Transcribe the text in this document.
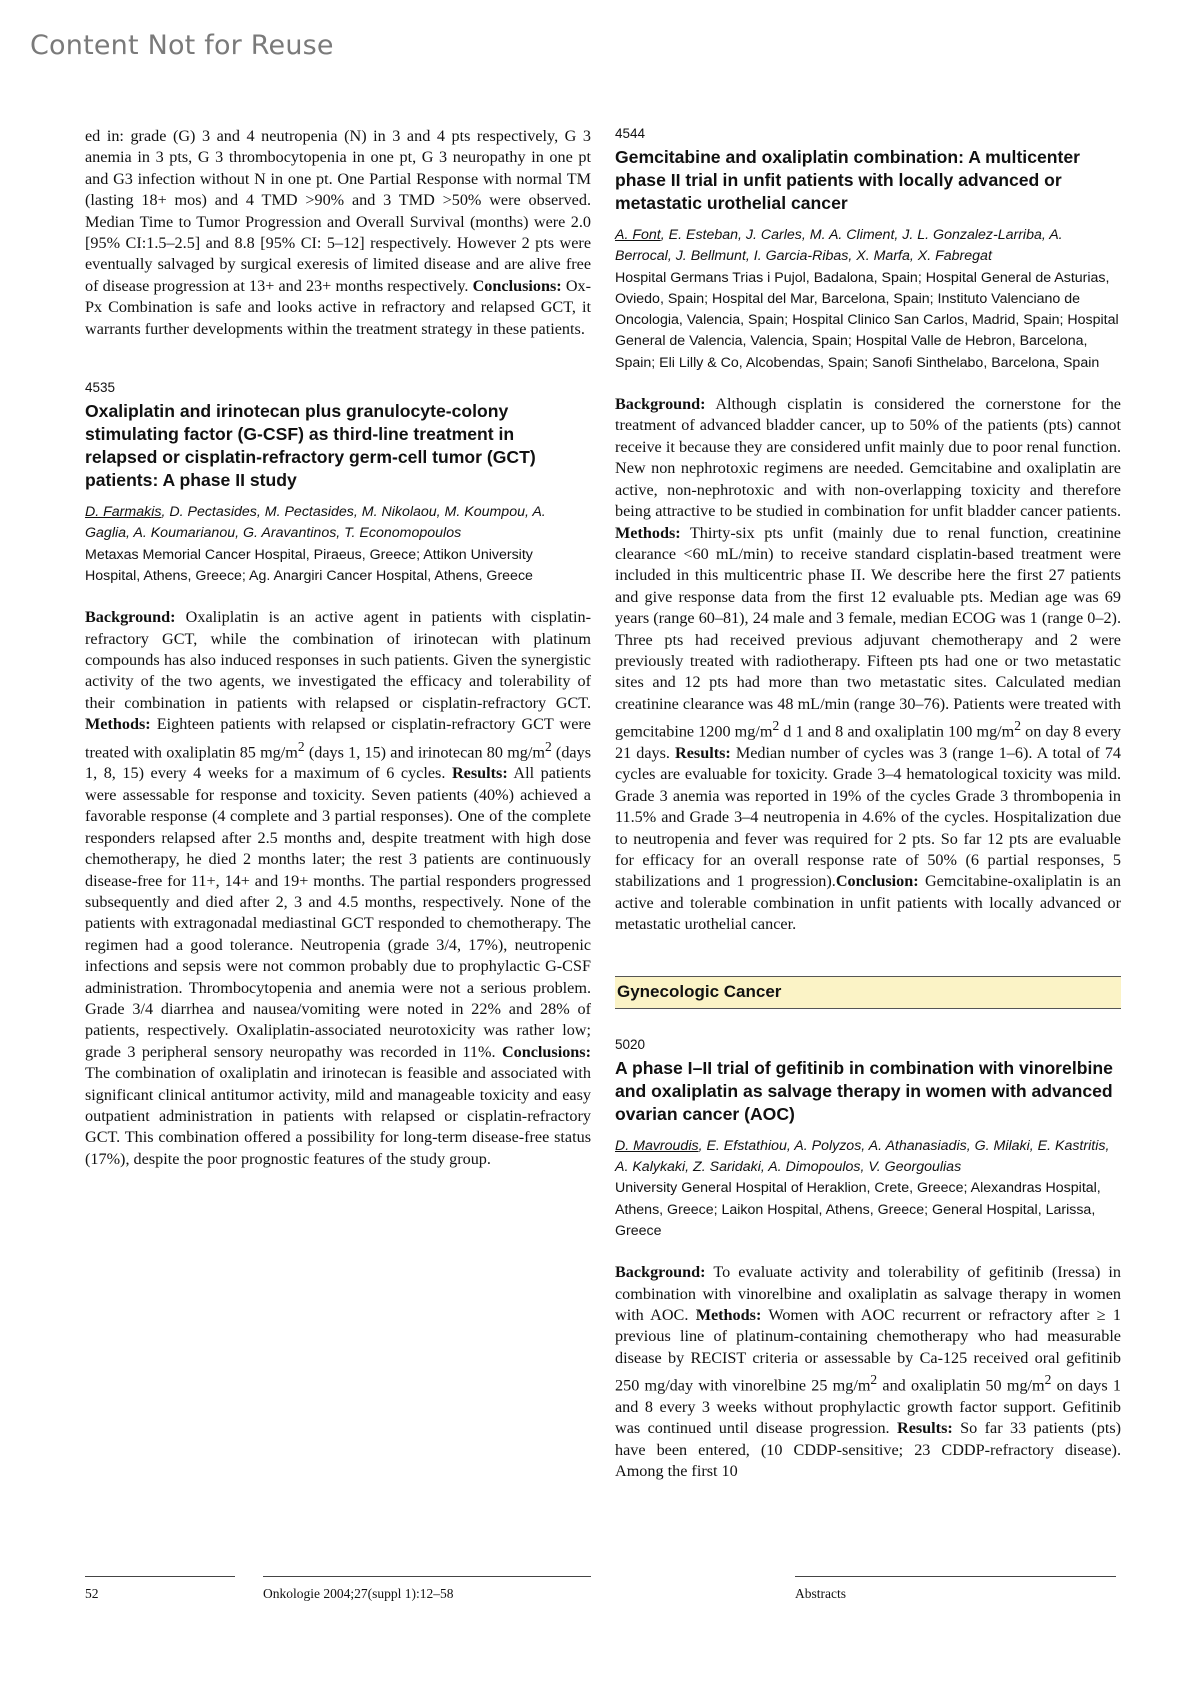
Content Not for Reuse

ed in: grade (G) 3 and 4 neutropenia (N) in 3 and 4 pts respectively, G 3 anemia in 3 pts, G 3 thrombocytopenia in one pt, G 3 neuropathy in one pt and G3 infection without N in one pt. One Partial Response with normal TM (lasting 18+ mos) and 4 TMD >90% and 3 TMD >50% were observed. Median Time to Tumor Progression and Overall Survival (months) were 2.0 [95% CI:1.5–2.5] and 8.8 [95% CI: 5–12] respectively. However 2 pts were eventually salvaged by surgical exeresis of limited disease and are alive free of disease progression at 13+ and 23+ months respectively. Conclusions: Ox-Px Combination is safe and looks active in refractory and relapsed GCT, it warrants further developments within the treatment strategy in these patients.

4535

Oxaliplatin and irinotecan plus granulocyte-colony stimulating factor (G-CSF) as third-line treatment in relapsed or cisplatin-refractory germ-cell tumor (GCT) patients: A phase II study

D. Farmakis, D. Pectasides, M. Pectasides, M. Nikolaou, M. Koumpou, A. Gaglia, A. Koumarianou, G. Aravantinos, T. Economopoulos

Metaxas Memorial Cancer Hospital, Piraeus, Greece; Attikon University Hospital, Athens, Greece; Ag. Anargiri Cancer Hospital, Athens, Greece

Background: Oxaliplatin is an active agent in patients with cisplatin-refractory GCT, while the combination of irinotecan with platinum compounds has also induced responses in such patients. Given the synergistic activity of the two agents, we investigated the efficacy and tolerability of their combination in patients with relapsed or cisplatin-refractory GCT. Methods: Eighteen patients with relapsed or cisplatin-refractory GCT were treated with oxaliplatin 85 $mg/m^2$ (days 1, 15) and irinotecan 80 $mg/m^2$ (days 1, 8, 15) every 4 weeks for a maximum of 6 cycles. Results: All patients were assessable for response and toxicity. Seven patients (40%) achieved a favorable response (4 complete and 3 partial responses). One of the complete responders relapsed after 2.5 months and, despite treatment with high dose chemotherapy, he died 2 months later; the rest 3 patients are continuously disease-free for 11+, 14+ and 19+ months. The partial responders progressed subsequently and died after 2, 3 and 4.5 months, respectively. None of the patients with extragonadal mediastinal GCT responded to chemotherapy. The regimen had a good tolerance. Neutropenia (grade 3/4, 17%), neutropenic infections and sepsis were not common probably due to prophylactic G-CSF administration. Thrombocytopenia and anemia were not a serious problem. Grade 3/4 diarrhea and nausea/vomiting were noted in 22% and 28% of patients, respectively. Oxaliplatin-associated neurotoxicity was rather low; grade 3 peripheral sensory neuropathy was recorded in 11%. Conclusions: The combination of oxaliplatin and irinotecan is feasible and associated with significant clinical antitumor activity, mild and manageable toxicity and easy outpatient administration in patients with relapsed or cisplatin-refractory GCT. This combination offered a possibility for long-term disease-free status (17%), despite the poor prognostic features of the study group.

4544

Gemcitabine and oxaliplatin combination: A multicenter phase II trial in unfit patients with locally advanced or metastatic urothelial cancer

A. Font, E. Esteban, J. Carles, M. A. Climent, J. L. Gonzalez-Larriba, A. Berrocal, J. Bellmunt, I. Garcia-Ribas, X. Marfa, X. Fabregat

Hospital Germans Trias i Pujol, Badalona, Spain; Hospital General de Asturias, Oviedo, Spain; Hospital del Mar, Barcelona, Spain; Instituto Valenciano de Oncologia, Valencia, Spain; Hospital Clinico San Carlos, Madrid, Spain; Hospital General de Valencia, Valencia, Spain; Hospital Valle de Hebron, Barcelona, Spain; Eli Lilly & Co, Alcobendas, Spain; Sanofi Sinthelabo, Barcelona, Spain

Background: Although cisplatin is considered the cornerstone for the treatment of advanced bladder cancer, up to 50% of the patients (pts) cannot receive it because they are considered unfit mainly due to poor renal function. New non nephrotoxic regimens are needed. Gemcitabine and oxaliplatin are active, non-nephrotoxic and with non-overlapping toxicity and therefore being attractive to be studied in combination for unfit bladder cancer patients. Methods: Thirty-six pts unfit (mainly due to renal function, creatinine clearance <60 mL/min) to receive standard cisplatin-based treatment were included in this multicentric phase II. We describe here the first 27 patients and give response data from the first 12 evaluable pts. Median age was 69 years (range 60–81), 24 male and 3 female, median ECOG was 1 (range 0–2). Three pts had received previous adjuvant chemotherapy and 2 were previously treated with radiotherapy. Fifteen pts had one or two metastatic sites and 12 pts had more than two metastatic sites. Calculated median creatinine clearance was 48 mL/min (range 30–76). Patients were treated with gemcitabine 1200 $mg/m^2$ d 1 and 8 and oxaliplatin 100 $mg/m^2$ on day 8 every 21 days. Results: Median number of cycles was 3 (range 1–6). A total of 74 cycles are evaluable for toxicity. Grade 3–4 hematological toxicity was mild. Grade 3 anemia was reported in 19% of the cycles Grade 3 thrombopenia in 11.5% and Grade 3–4 neutropenia in 4.6% of the cycles. Hospitalization due to neutropenia and fever was required for 2 pts. So far 12 pts are evaluable for efficacy for an overall response rate of 50% (6 partial responses, 5 stabilizations and 1 progression).Conclusion: Gemcitabine-oxaliplatin is an active and tolerable combination in unfit patients with locally advanced or metastatic urothelial cancer.

Gynecologic Cancer

5020

A phase I–II trial of gefitinib in combination with vinorelbine and oxaliplatin as salvage therapy in women with advanced ovarian cancer (AOC)

D. Mavroudis, E. Efstathiou, A. Polyzos, A. Athanasiadis, G. Milaki, E. Kastritis, A. Kalykaki, Z. Saridaki, A. Dimopoulos, V. Georgoulias

University General Hospital of Heraklion, Crete, Greece; Alexandras Hospital, Athens, Greece; Laikon Hospital, Athens, Greece; General Hospital, Larissa, Greece

Background: To evaluate activity and tolerability of gefitinib (Iressa) in combination with vinorelbine and oxaliplatin as salvage therapy in women with AOC. Methods: Women with AOC recurrent or refractory after ≥ 1 previous line of platinum-containing chemotherapy who had measurable disease by RECIST criteria or assessable by Ca-125 received oral gefitinib 250 mg/day with vinorelbine 25 $mg/m^2$ and oxaliplatin 50 $mg/m^2$ on days 1 and 8 every 3 weeks without prophylactic growth factor support. Gefitinib was continued until disease progression. Results: So far 33 patients (pts) have been entered, (10 CDDP-sensitive; 23 CDDP-refractory disease). Among the first 10

52	Onkologie 2004;27(suppl 1):12–58	Abstracts
